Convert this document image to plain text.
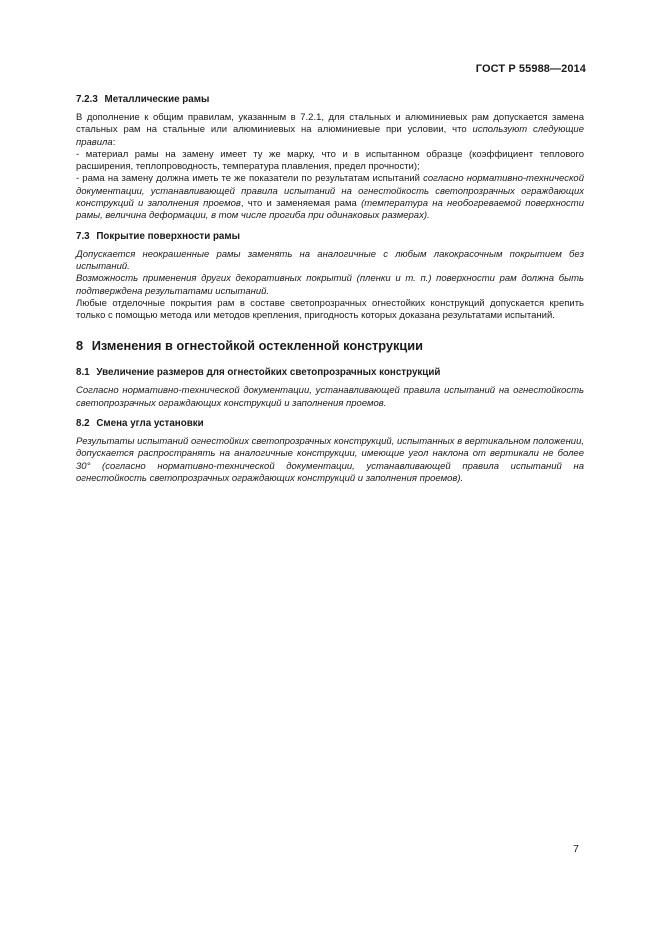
ГОСТ Р 55988—2014
7.2.3 Металлические рамы

В дополнение к общим правилам, указанным в 7.2.1, для стальных и алюминиевых рам допускается замена стальных рам на стальные или алюминиевых на алюминиевые при условии, что используют следующие правила:

- материал рамы на замену имеет ту же марку, что и в испытанном образце (коэффициент теплового расширения, теплопроводность, температура плавления, предел прочности);

- рама на замену должна иметь те же показатели по результатам испытаний согласно нормативно-технической документации, устанавливающей правила испытаний на огнестойкость светопрозрачных ограждающих конструкций и заполнения проемов, что и заменяемая рама (температура на необогреваемой поверхности рамы, величина деформации, в том числе прогиба при одинаковых размерах).

7.3 Покрытие поверхности рамы

Допускается неокрашенные рамы заменять на аналогичные с любым лакокрасочным покрытием без испытаний.

Возможность применения других декоративных покрытий (пленки и т. п.) поверхности рам должна быть подтверждена результатами испытаний.

Любые отделочные покрытия рам в составе светопрозрачных огнестойких конструкций допускается крепить только с помощью метода или методов крепления, пригодность которых доказана результатами испытаний.

8 Изменения в огнестойкой остекленной конструкции
8.1 Увеличение размеров для огнестойких светопрозрачных конструкций

Согласно нормативно-технической документации, устанавливающей правила испытаний на огнестойкость светопрозрачных ограждающих конструкций и заполнения проемов.

8.2 Смена угла установки

Результаты испытаний огнестойких светопрозрачных конструкций, испытанных в вертикальном положении, допускается распространять на аналогичные конструкции, имеющие угол наклона от вертикали не более 30° (согласно нормативно-технической документации, устанавливающей правила испытаний на огнестойкость светопрозрачных ограждающих конструкций и заполнения проемов).

7
